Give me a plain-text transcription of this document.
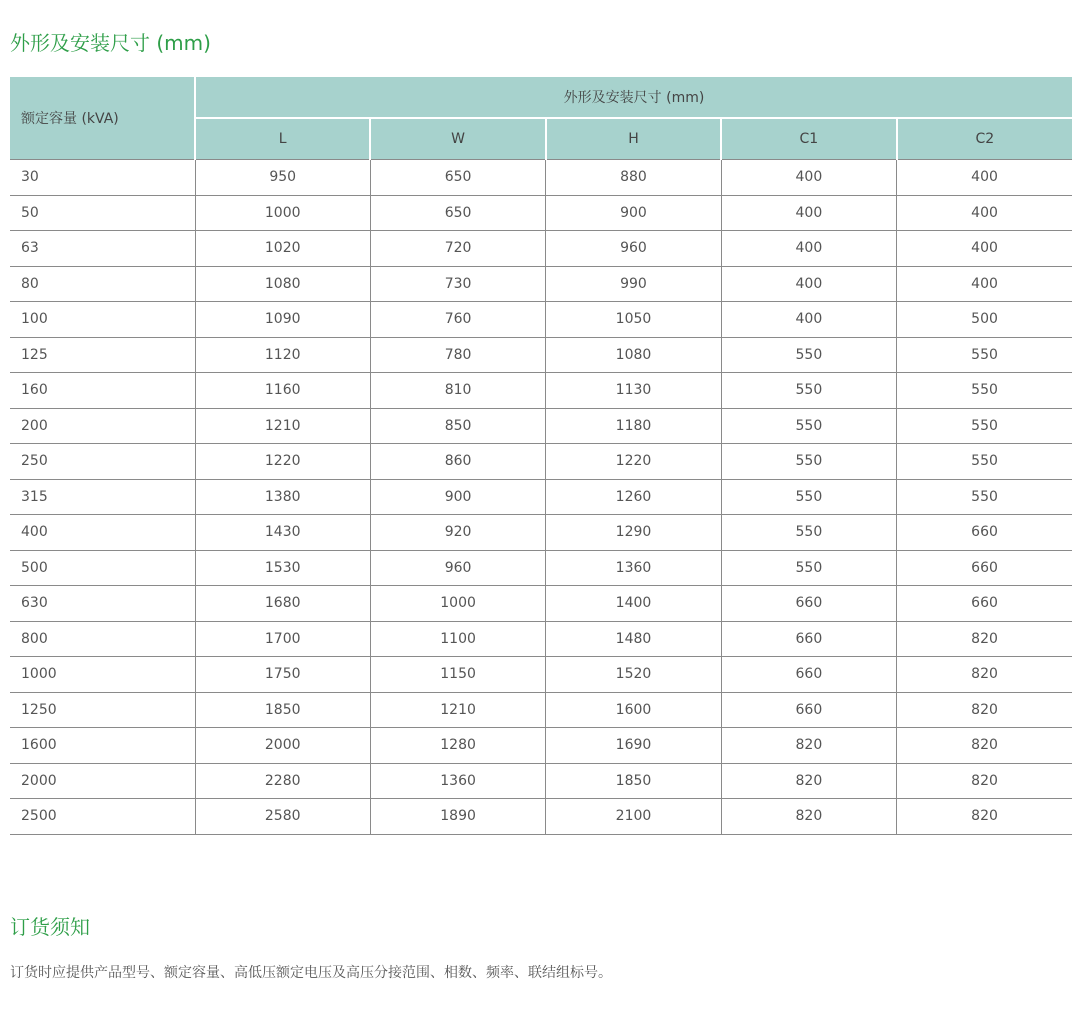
外形及安装尺寸 (mm)
额定容量 (kVA)	外形及安装尺寸 (mm)				
	L	W	H	C1	C2
30	950	650	880	400	400
50	1000	650	900	400	400
63	1020	720	960	400	400
80	1080	730	990	400	400
100	1090	760	1050	400	500
125	1120	780	1080	550	550
160	1160	810	1130	550	550
200	1210	850	1180	550	550
250	1220	860	1220	550	550
315	1380	900	1260	550	550
400	1430	920	1290	550	660
500	1530	960	1360	550	660
630	1680	1000	1400	660	660
800	1700	1100	1480	660	820
1000	1750	1150	1520	660	820
1250	1850	1210	1600	660	820
1600	2000	1280	1690	820	820
2000	2280	1360	1850	820	820
2500	2580	1890	2100	820	820
订货须知

订货时应提供产品型号、额定容量、高低压额定电压及高压分接范围、相数、频率、联结组标号。
